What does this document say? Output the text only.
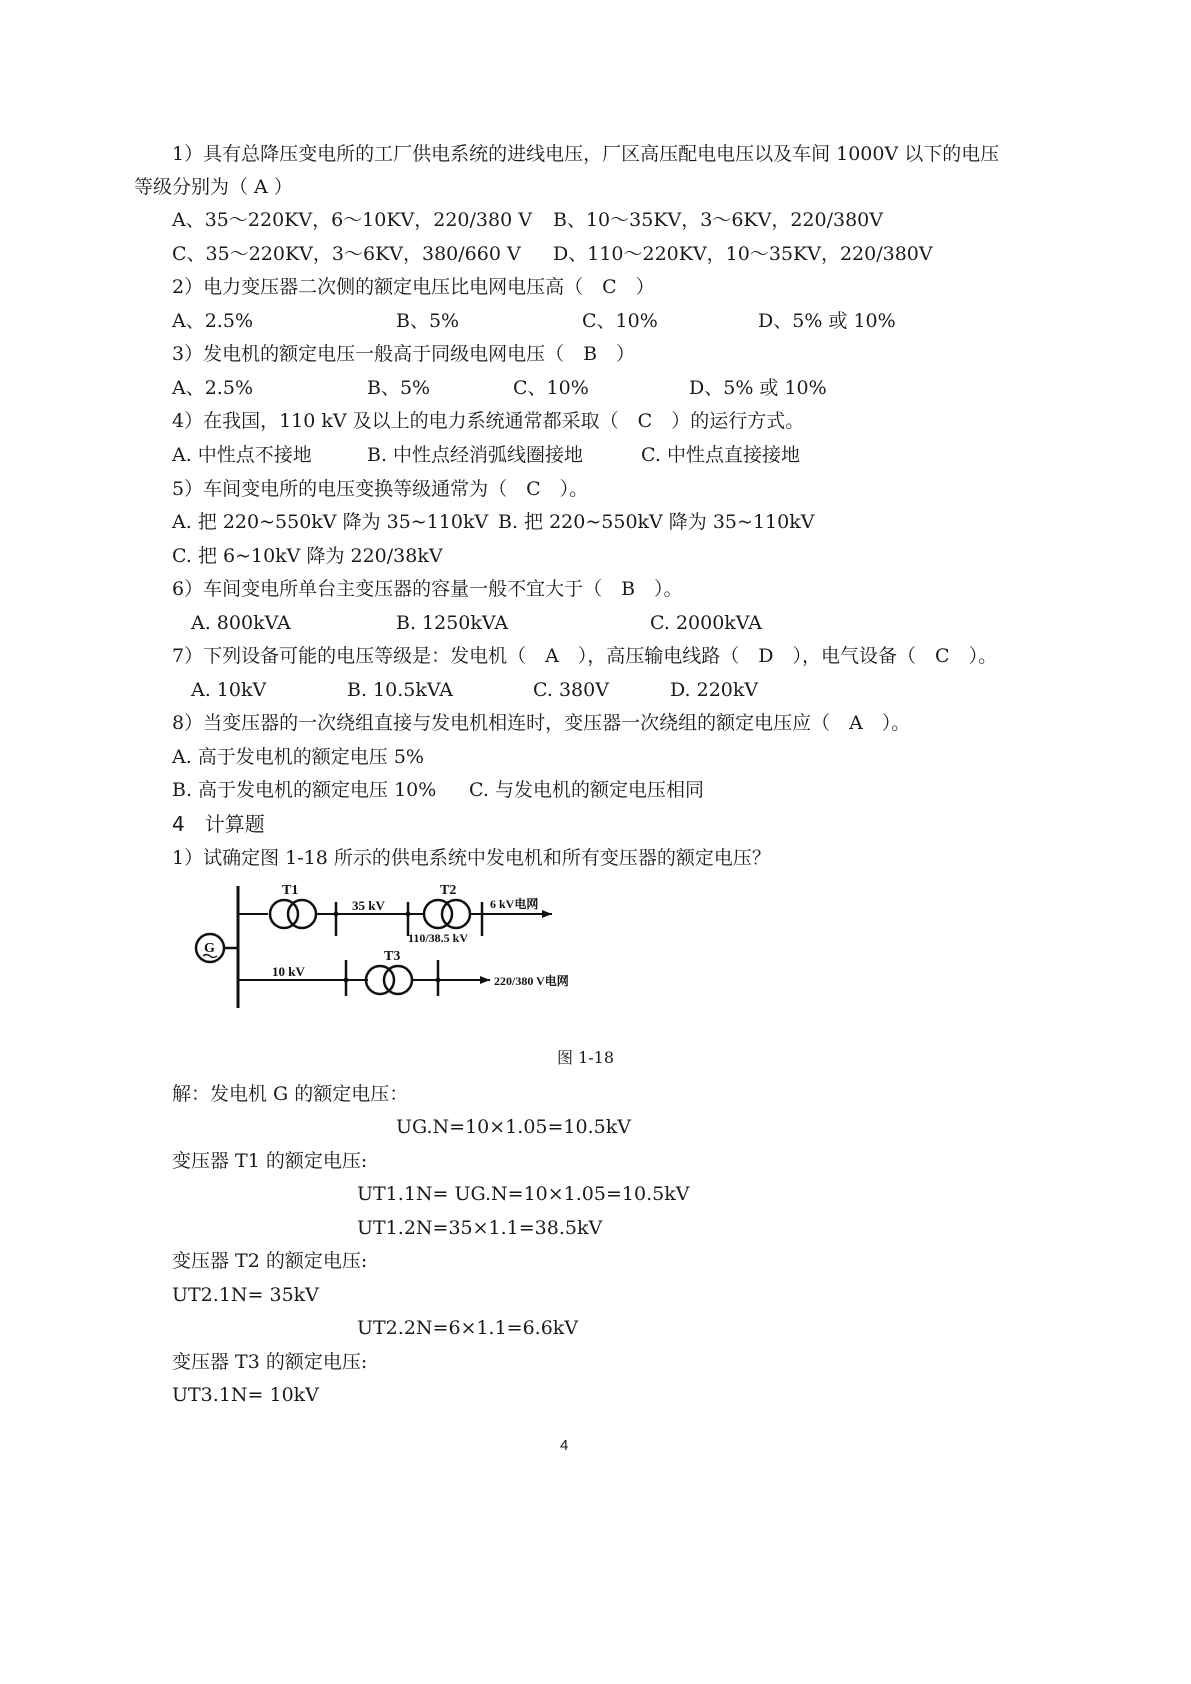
1）具有总降压变电所的工厂供电系统的进线电压，厂区高压配电电压以及车间 1000V 以下的电压
等级分别为（ A ）
A、35～220KV，6～10KV，220/380 V B、10～35KV，3～6KV，220/380V
C、35～220KV，3～6KV，380/660 V D、110～220KV，10～35KV，220/380V
2）电力变压器二次侧的额定电压比电网电压高（　C　）
A、2.5%	B、5%	C、10%	D、5% 或 10%
3）发电机的额定电压一般高于同级电网电压（　B　）
A、2.5%	B、5%	C、10%	D、5% 或 10%
4）在我国，110 kV 及以上的电力系统通常都采取（　C　）的运行方式。
A. 中性点不接地	B. 中性点经消弧线圈接地	C. 中性点直接接地
5）车间变电所的电压变换等级通常为（　C　）。
A. 把 220~550kV 降为 35~110kV B. 把 220~550kV 降为 35~110kV
C. 把 6~10kV 降为 220/38kV
6）车间变电所单台主变压器的容量一般不宜大于（　B　）。
A. 800kVA	B. 1250kVA	C. 2000kVA
7）下列设备可能的电压等级是：发电机（　A　），高压输电线路（　D　），电气设备（　C　）。
A. 10kV	B. 10.5kVA	C. 380V	D. 220kV
8）当变压器的一次绕组直接与发电机相连时，变压器一次绕组的额定电压应（　A　）。
A. 高于发电机的额定电压 5%
B. 高于发电机的额定电压 10% C. 与发电机的额定电压相同
4　计算题
1）试确定图 1-18 所示的供电系统中发电机和所有变压器的额定电压？
G
T1
35 kV
T2
110/38.5 kV
6 kV电网
10 kV
T3
220/380 V电网
图 1-18
解：发电机 G 的额定电压：
UG.N=10×1.05=10.5kV
变压器 T1 的额定电压:
UT1.1N= UG.N=10×1.05=10.5kV
UT1.2N=35×1.1=38.5kV
变压器 T2 的额定电压:
UT2.1N= 35kV
UT2.2N=6×1.1=6.6kV
变压器 T3 的额定电压:
UT3.1N= 10kV
4
